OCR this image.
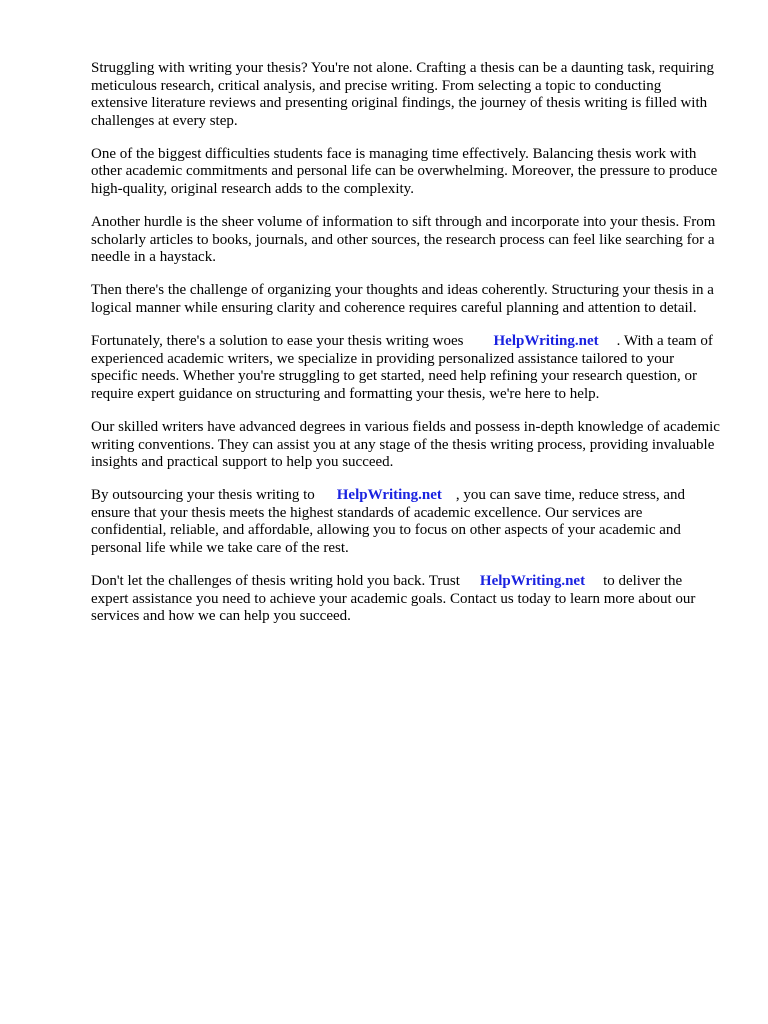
Struggling with writing your thesis? You're not alone. Crafting a thesis can be a daunting task, requiring meticulous research, critical analysis, and precise writing. From selecting a topic to conducting extensive literature reviews and presenting original findings, the journey of thesis writing is filled with challenges at every step.

One of the biggest difficulties students face is managing time effectively. Balancing thesis work with other academic commitments and personal life can be overwhelming. Moreover, the pressure to produce high-quality, original research adds to the complexity.

Another hurdle is the sheer volume of information to sift through and incorporate into your thesis. From scholarly articles to books, journals, and other sources, the research process can feel like searching for a needle in a haystack.

Then there's the challenge of organizing your thoughts and ideas coherently. Structuring your thesis in a logical manner while ensuring clarity and coherence requires careful planning and attention to detail.

Fortunately, there's a solution to ease your thesis writing woes HelpWriting.net . With a team of experienced academic writers, we specialize in providing personalized assistance tailored to your specific needs. Whether you're struggling to get started, need help refining your research question, or require expert guidance on structuring and formatting your thesis, we're here to help.

Our skilled writers have advanced degrees in various fields and possess in-depth knowledge of academic writing conventions. They can assist you at any stage of the thesis writing process, providing invaluable insights and practical support to help you succeed.

By outsourcing your thesis writing to HelpWriting.net , you can save time, reduce stress, and ensure that your thesis meets the highest standards of academic excellence. Our services are confidential, reliable, and affordable, allowing you to focus on other aspects of your academic and personal life while we take care of the rest.

Don't let the challenges of thesis writing hold you back. Trust HelpWriting.net to deliver the expert assistance you need to achieve your academic goals. Contact us today to learn more about our services and how we can help you succeed.
